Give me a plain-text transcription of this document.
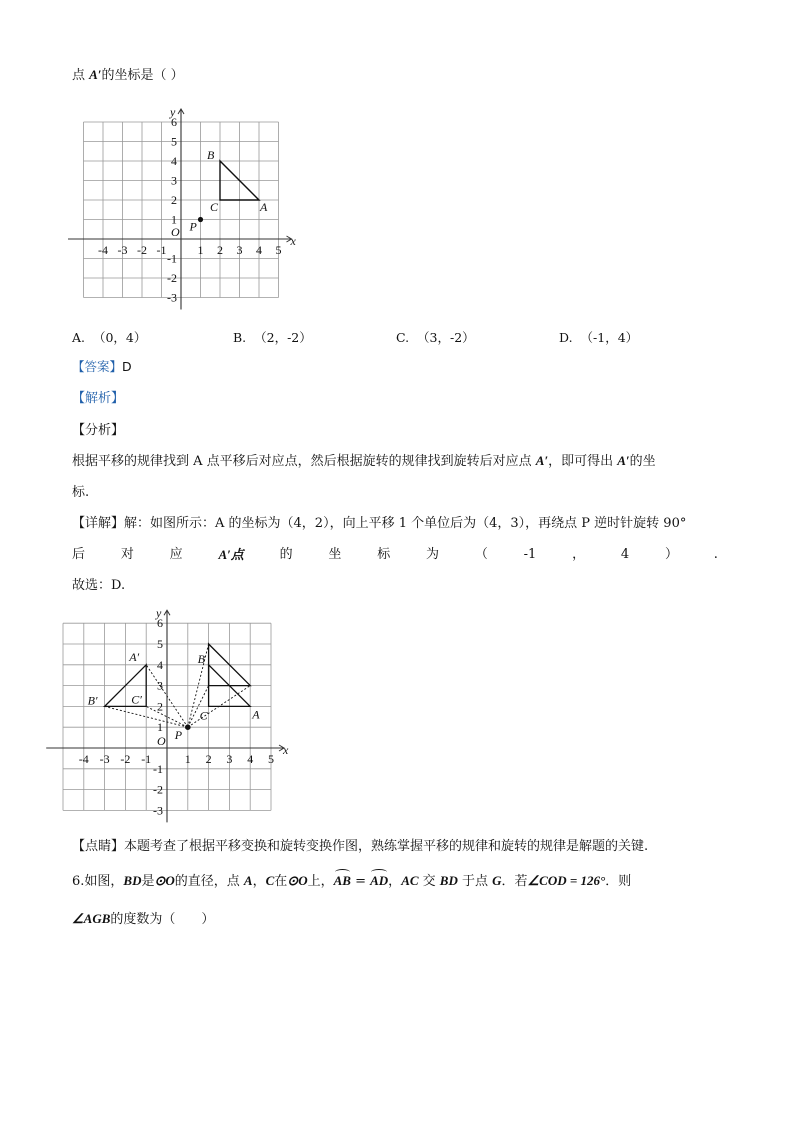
点 A′的坐标是（ ）
-4 -3 -2 -1	1 2 3 4 5
6
5
4
3
2
1
-1
-2
-3
O
x
y
B
C	A
P
A. （0，4）	B. （2，-2）	C. （3，-2）	D. （-1，4）
【答案】D
【解析】
【分析】
根据平移的规律找到 A 点平移后对应点，然后根据旋转的规律找到旋转后对应点 A′，即可得出 A′的坐
标.
【详解】解：如图所示：A 的坐标为（4，2），向上平移 1 个单位后为（4，3），再绕点 P 逆时针旋转 90°
后	对	应	A′点	的	坐	标	为	（	-1	，	4	）	.
故选：D.
-4 -3 -2 -1	1 2 3 4 5
6
5
4
3
2
1
-1
-2
-3
O
x
y
A′
B′	C′
B
C	A
P
【点睛】本题考查了根据平移变换和旋转变换作图，熟练掌握平移的规律和旋转的规律是解题的关键.
6.如图，BD是⊙O的直径，点 A，C在⊙O上，AB = AD，AC 交 BD 于点 G．若∠COD = 126°．则
∠AGB的度数为（　　）
